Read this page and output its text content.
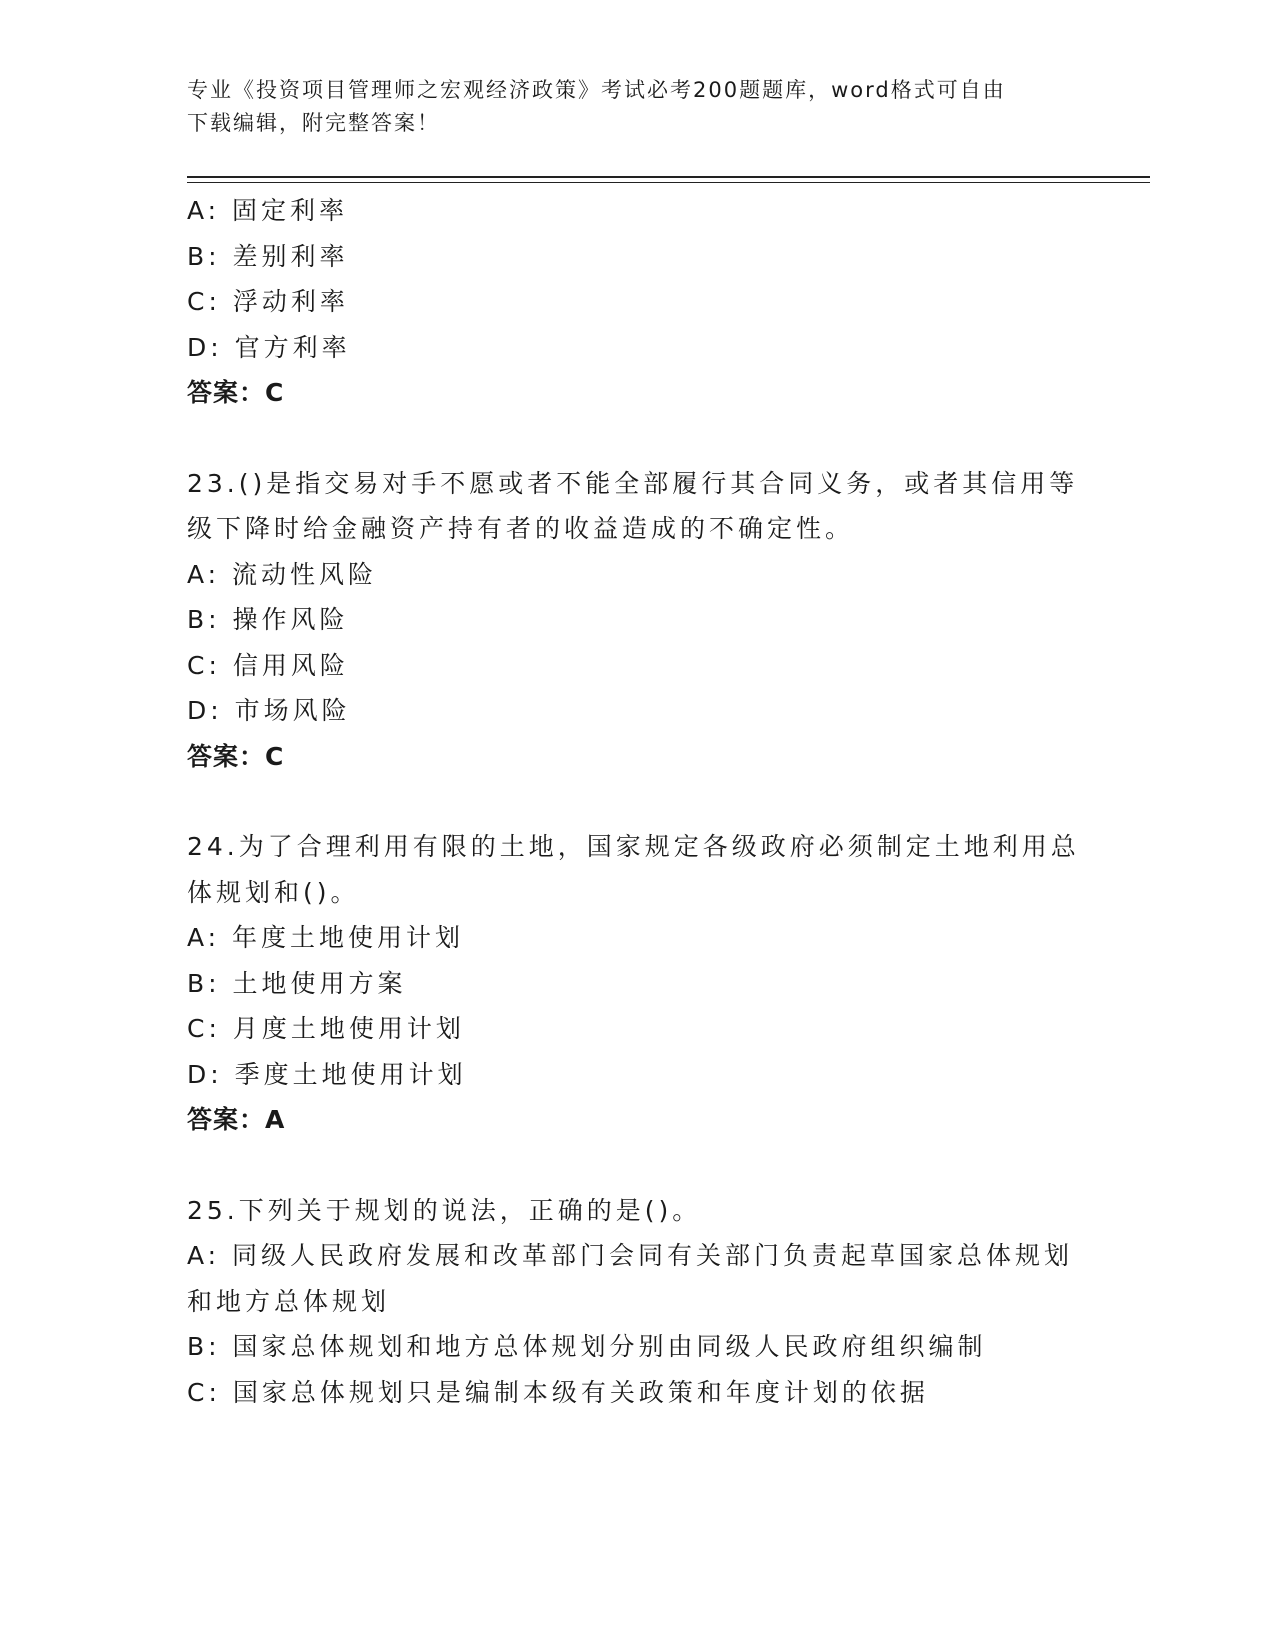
专业《投资项目管理师之宏观经济政策》考试必考200题题库，word格式可自由
下载编辑，附完整答案！
A: 固定利率
B: 差别利率
C: 浮动利率
D: 官方利率
答案：C
23.()是指交易对手不愿或者不能全部履行其合同义务，或者其信用等
级下降时给金融资产持有者的收益造成的不确定性。
A: 流动性风险
B: 操作风险
C: 信用风险
D: 市场风险
答案：C
24.为了合理利用有限的土地，国家规定各级政府必须制定土地利用总
体规划和()。
A: 年度土地使用计划
B: 土地使用方案
C: 月度土地使用计划
D: 季度土地使用计划
答案：A
25.下列关于规划的说法，正确的是()。
A: 同级人民政府发展和改革部门会同有关部门负责起草国家总体规划
和地方总体规划
B: 国家总体规划和地方总体规划分别由同级人民政府组织编制
C: 国家总体规划只是编制本级有关政策和年度计划的依据
